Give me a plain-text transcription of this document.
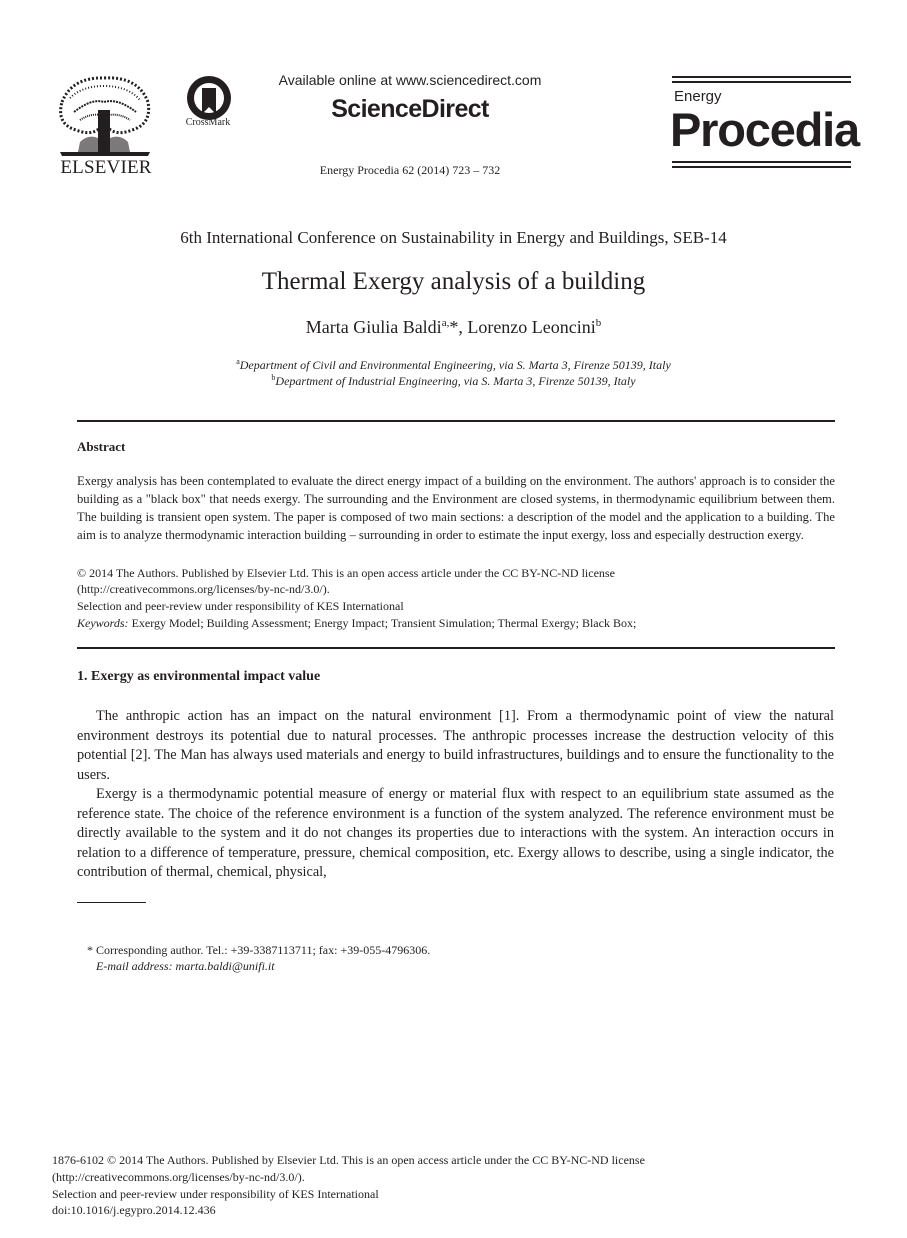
ELSEVIER
CrossMark
Available online at www.sciencedirect.com
ScienceDirect
Energy Procedia 62 (2014) 723 – 732
Energy
Procedia
6th International Conference on Sustainability in Energy and Buildings, SEB-14
Thermal Exergy analysis of a building
Marta Giulia Baldi$^{a,}$*, Lorenzo Leoncini$^b$
$^a$Department of Civil and Environmental Engineering, via S. Marta 3, Firenze 50139, Italy
$^b$Department of Industrial Engineering, via S. Marta 3, Firenze 50139, Italy
Abstract
Exergy analysis has been contemplated to evaluate the direct energy impact of a building on the environment. The authors' approach is to consider the building as a "black box" that needs exergy. The surrounding and the Environment are closed systems, in thermodynamic equilibrium between them. The building is transient open system. The paper is composed of two main sections: a description of the model and the application to a building. The aim is to analyze thermodynamic interaction building – surrounding in order to estimate the input exergy, loss and especially destruction exergy.
© 2014 The Authors. Published by Elsevier Ltd. This is an open access article under the CC BY-NC-ND license
(http://creativecommons.org/licenses/by-nc-nd/3.0/).
Selection and peer-review under responsibility of KES International
Keywords: Exergy Model; Building Assessment; Energy Impact; Transient Simulation; Thermal Exergy; Black Box;
1. Exergy as environmental impact value
The anthropic action has an impact on the natural environment [1]. From a thermodynamic point of view the natural environment destroys its potential due to natural processes. The anthropic processes increase the destruction velocity of this potential [2]. The Man has always used materials and energy to build infrastructures, buildings and to ensure the functionality to the users.
Exergy is a thermodynamic potential measure of energy or material flux with respect to an equilibrium state assumed as the reference state. The choice of the reference environment is a function of the system analyzed. The reference environment must be directly available to the system and it do not changes its properties due to interactions with the system. An interaction occurs in relation to a difference of temperature, pressure, chemical composition, etc. Exergy allows to describe, using a single indicator, the contribution of thermal, chemical, physical,
* Corresponding author. Tel.: +39-3387113711; fax: +39-055-4796306.
E-mail address: marta.baldi@unifi.it
1876-6102 © 2014 The Authors. Published by Elsevier Ltd. This is an open access article under the CC BY-NC-ND license
(http://creativecommons.org/licenses/by-nc-nd/3.0/).
Selection and peer-review under responsibility of KES International
doi:10.1016/j.egypro.2014.12.436
